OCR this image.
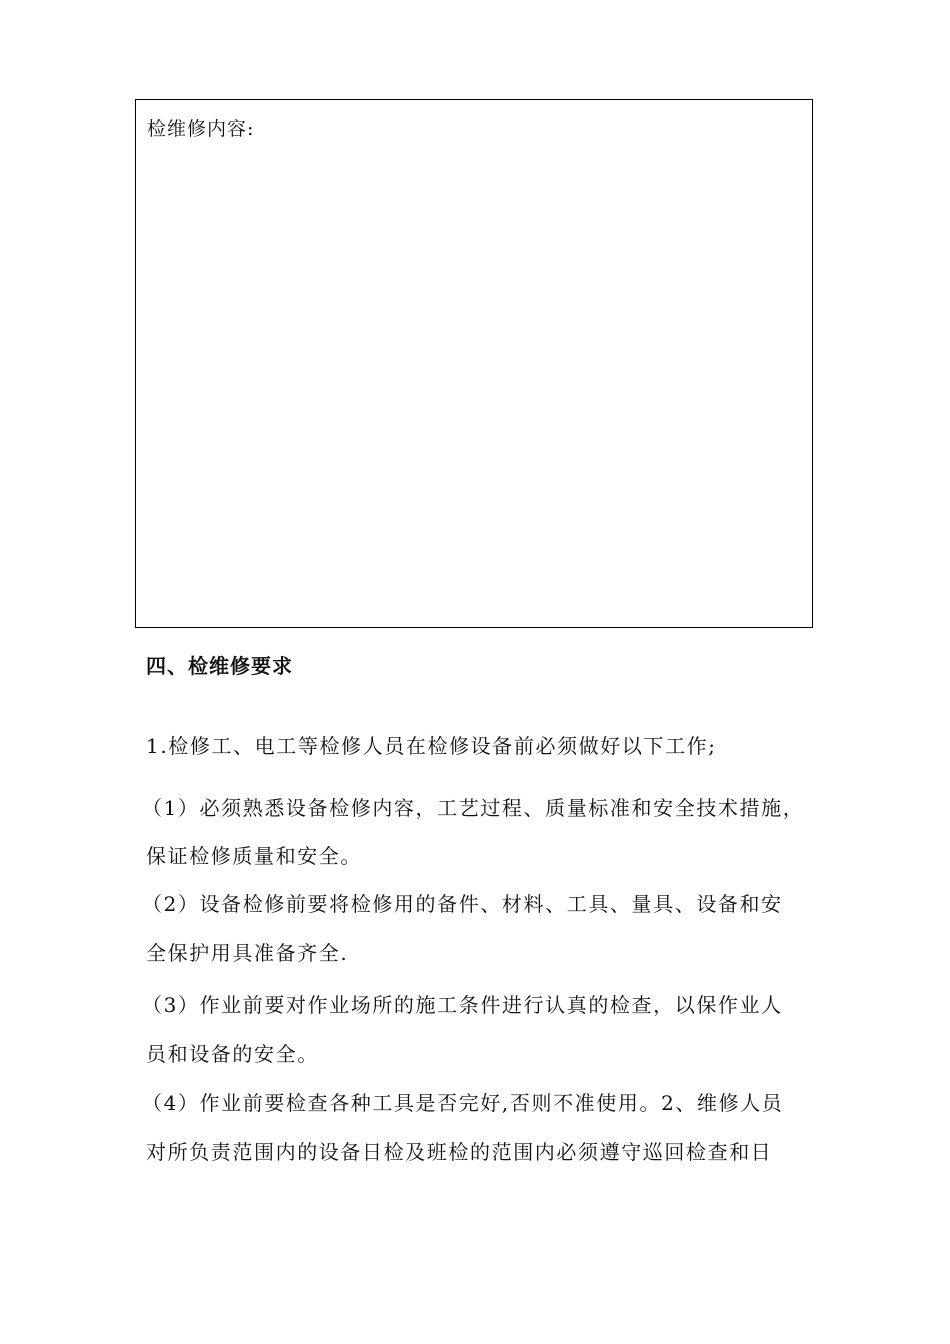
检维修内容:
四、检维修要求
1.检修工、电工等检修人员在检修设备前必须做好以下工作;
（1）必须熟悉设备检修内容，工艺过程、质量标准和安全技术措施，
保证检修质量和安全。
（2）设备检修前要将检修用的备件、材料、工具、量具、设备和安
全保护用具准备齐全.
（3）作业前要对作业场所的施工条件进行认真的检查，以保作业人
员和设备的安全。
（4）作业前要检查各种工具是否完好,否则不准使用。2、维修人员
对所负责范围内的设备日检及班检的范围内必须遵守巡回检查和日
